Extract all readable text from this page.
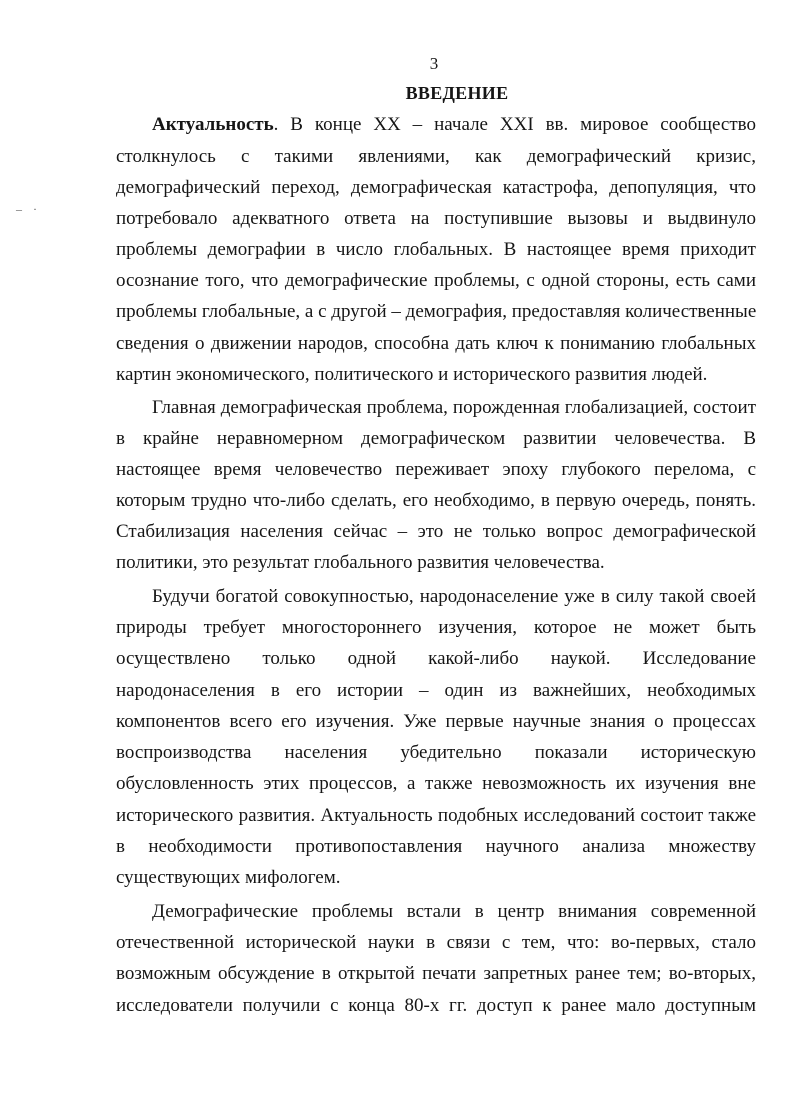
3
ВВЕДЕНИЕ
‒ ·
Актуальность. В конце XX – начале XXI вв. мировое сообщество
столкнулось с такими явлениями, как демографический кризис,
демографический переход, демографическая катастрофа, депопуляция, что
потребовало адекватного ответа на поступившие вызовы и выдвинуло
проблемы демографии в число глобальных. В настоящее время приходит
осознание того, что демографические проблемы, с одной стороны, есть сами
проблемы глобальные, а с другой – демография, предоставляя количественные
сведения о движении народов, способна дать ключ к пониманию глобальных
картин экономического, политического и исторического развития людей.
Главная демографическая проблема, порожденная глобализацией, состоит
в крайне неравномерном демографическом развитии человечества. В
настоящее время человечество переживает эпоху глубокого перелома, с
которым трудно что-либо сделать, его необходимо, в первую очередь, понять.
Стабилизация населения сейчас – это не только вопрос демографической
политики, это результат глобального развития человечества.
Будучи богатой совокупностью, народонаселение уже в силу такой своей
природы требует многостороннего изучения, которое не может быть
осуществлено только одной какой-либо наукой. Исследование
народонаселения в его истории – один из важнейших, необходимых
компонентов всего его изучения. Уже первые научные знания о процессах
воспроизводства населения убедительно показали историческую
обусловленность этих процессов, а также невозможность их изучения вне
исторического развития. Актуальность подобных исследований состоит также
в необходимости противопоставления научного анализа множеству
существующих мифологем.
Демографические проблемы встали в центр внимания современной
отечественной исторической науки в связи с тем, что: во-первых, стало
возможным обсуждение в открытой печати запретных ранее тем; во-вторых,
исследователи получили с конца 80-х гг. доступ к ранее мало доступным
